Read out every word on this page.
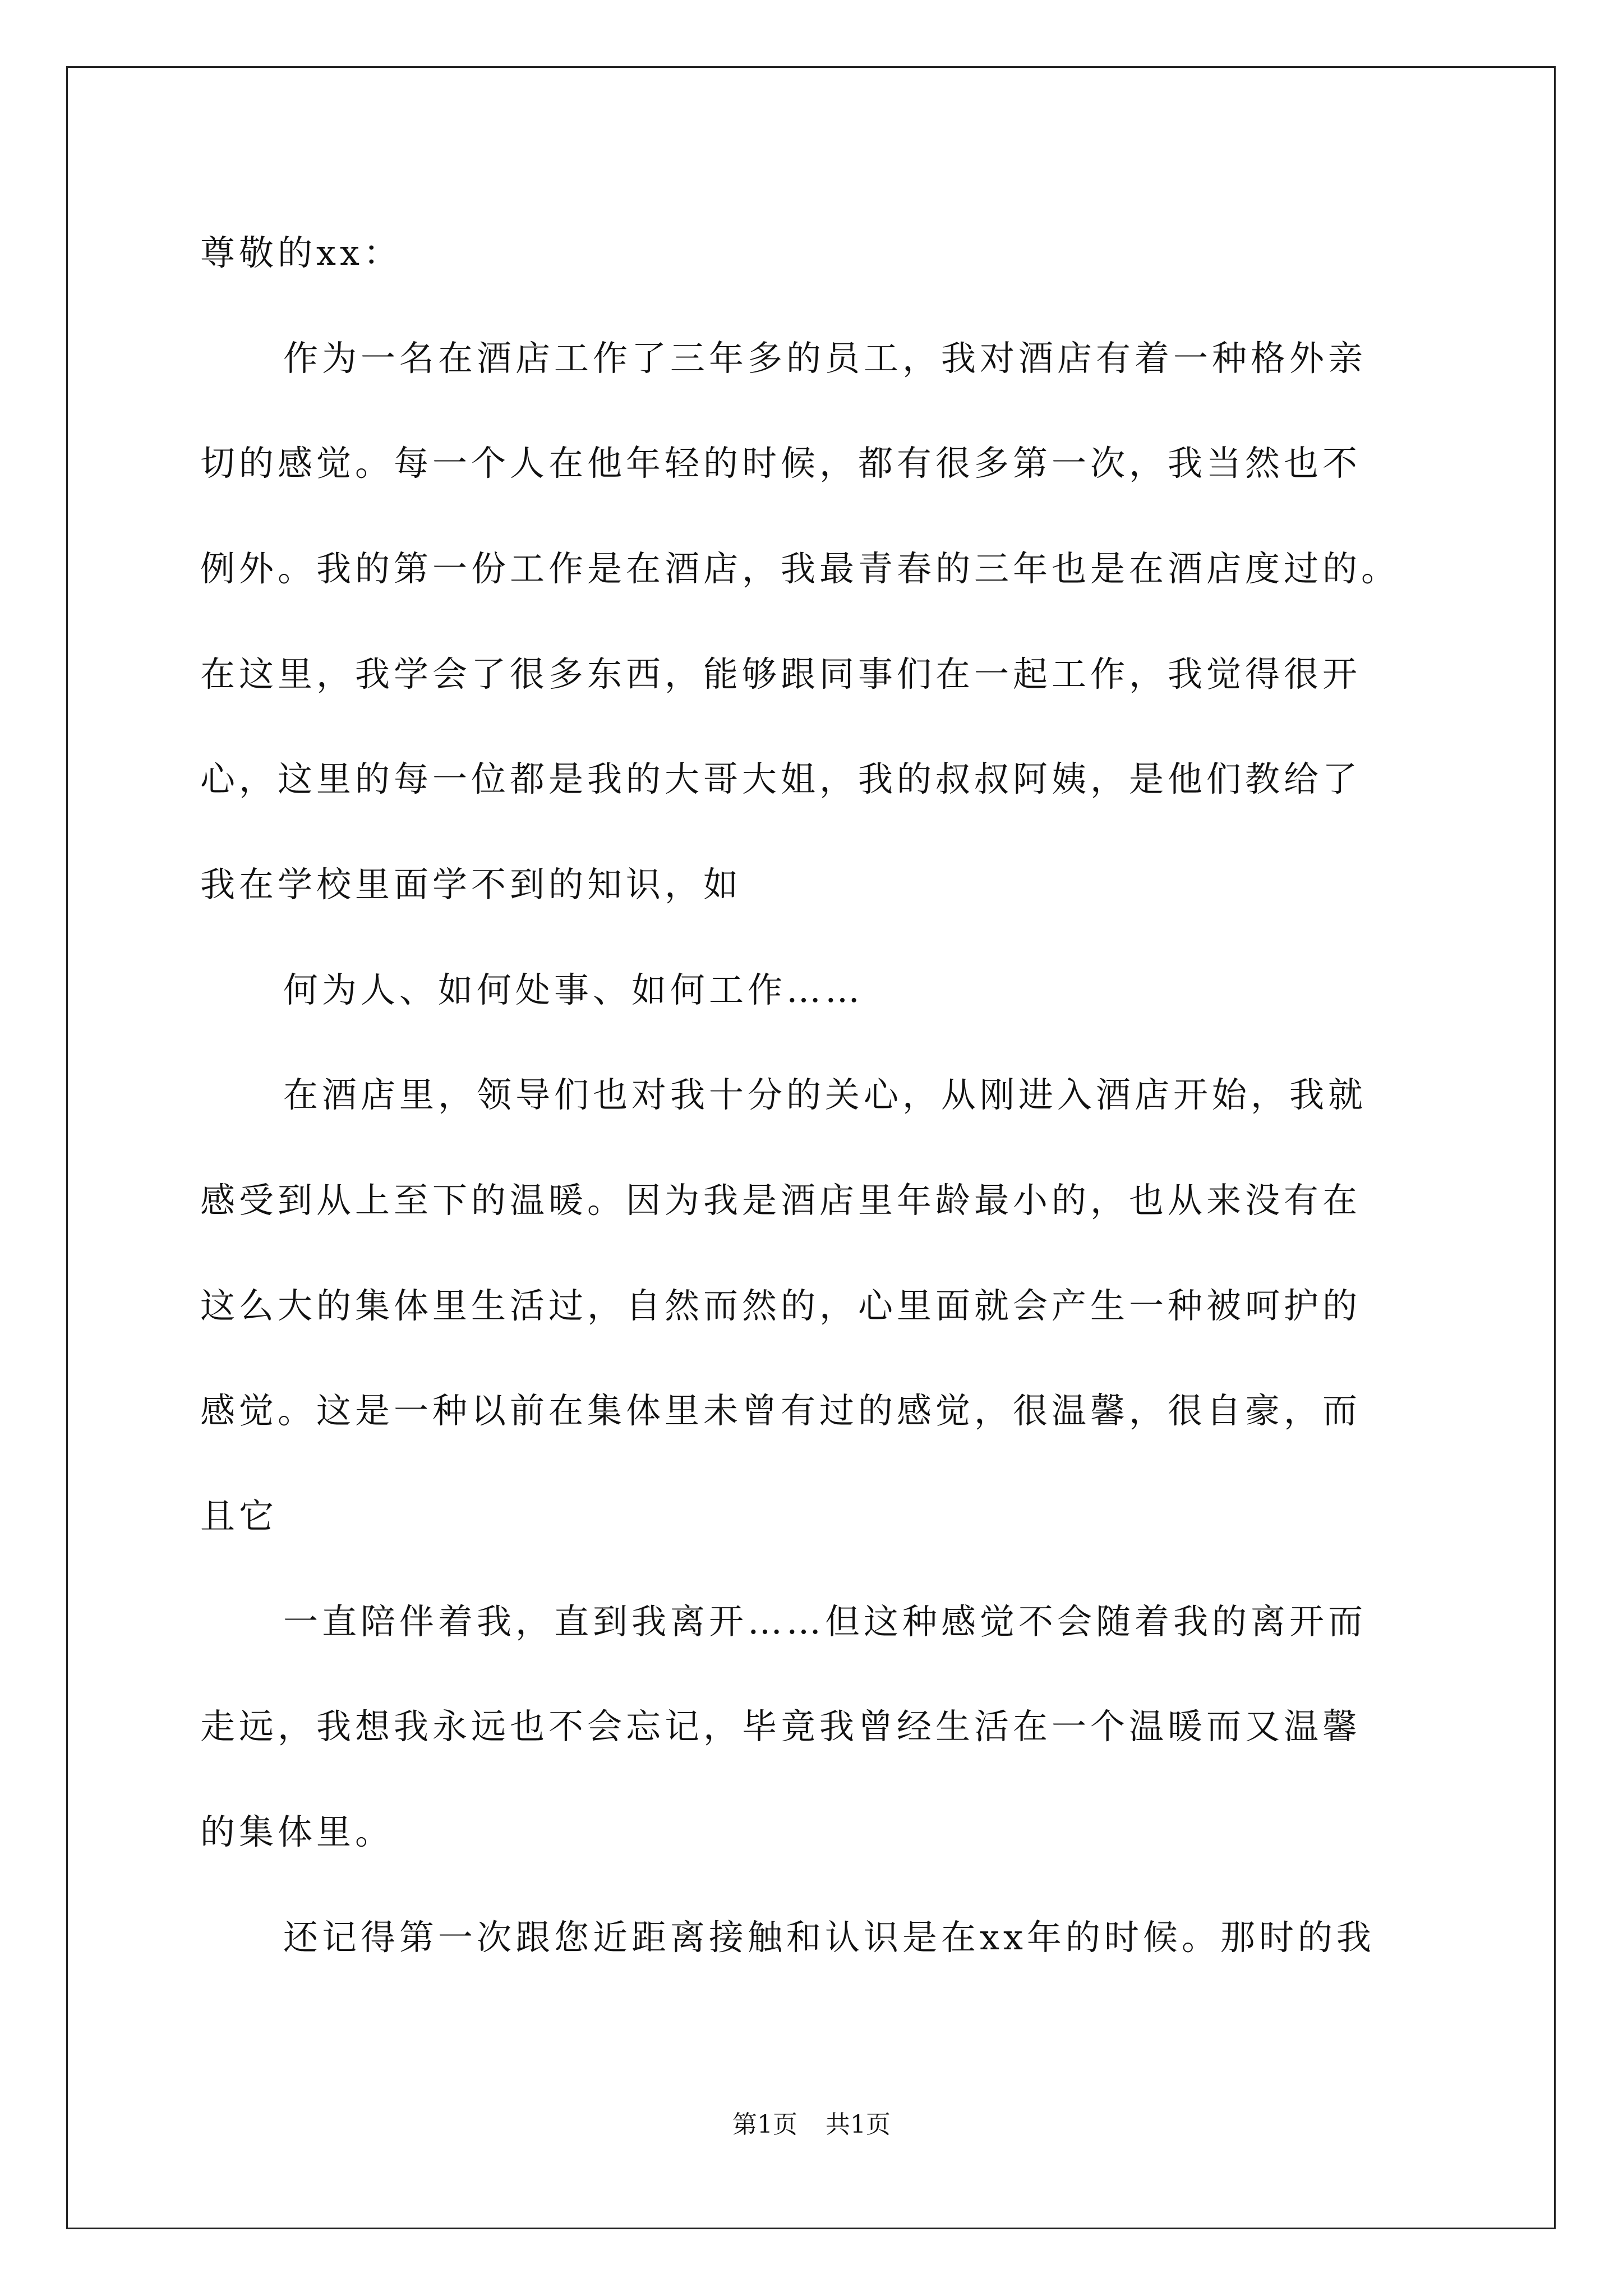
尊敬的xx：
作为一名在酒店工作了三年多的员工，我对酒店有着一种格外亲
切的感觉。每一个人在他年轻的时候，都有很多第一次，我当然也不
例外。我的第一份工作是在酒店，我最青春的三年也是在酒店度过的。
在这里，我学会了很多东西，能够跟同事们在一起工作，我觉得很开
心，这里的每一位都是我的大哥大姐，我的叔叔阿姨，是他们教给了
我在学校里面学不到的知识，如
何为人、如何处事、如何工作……
在酒店里，领导们也对我十分的关心，从刚进入酒店开始，我就
感受到从上至下的温暖。因为我是酒店里年龄最小的，也从来没有在
这么大的集体里生活过，自然而然的，心里面就会产生一种被呵护的
感觉。这是一种以前在集体里未曾有过的感觉，很温馨，很自豪，而
且它
一直陪伴着我，直到我离开……但这种感觉不会随着我的离开而
走远，我想我永远也不会忘记，毕竟我曾经生活在一个温暖而又温馨
的集体里。
还记得第一次跟您近距离接触和认识是在xx年的时候。那时的我
第1页 共1页
